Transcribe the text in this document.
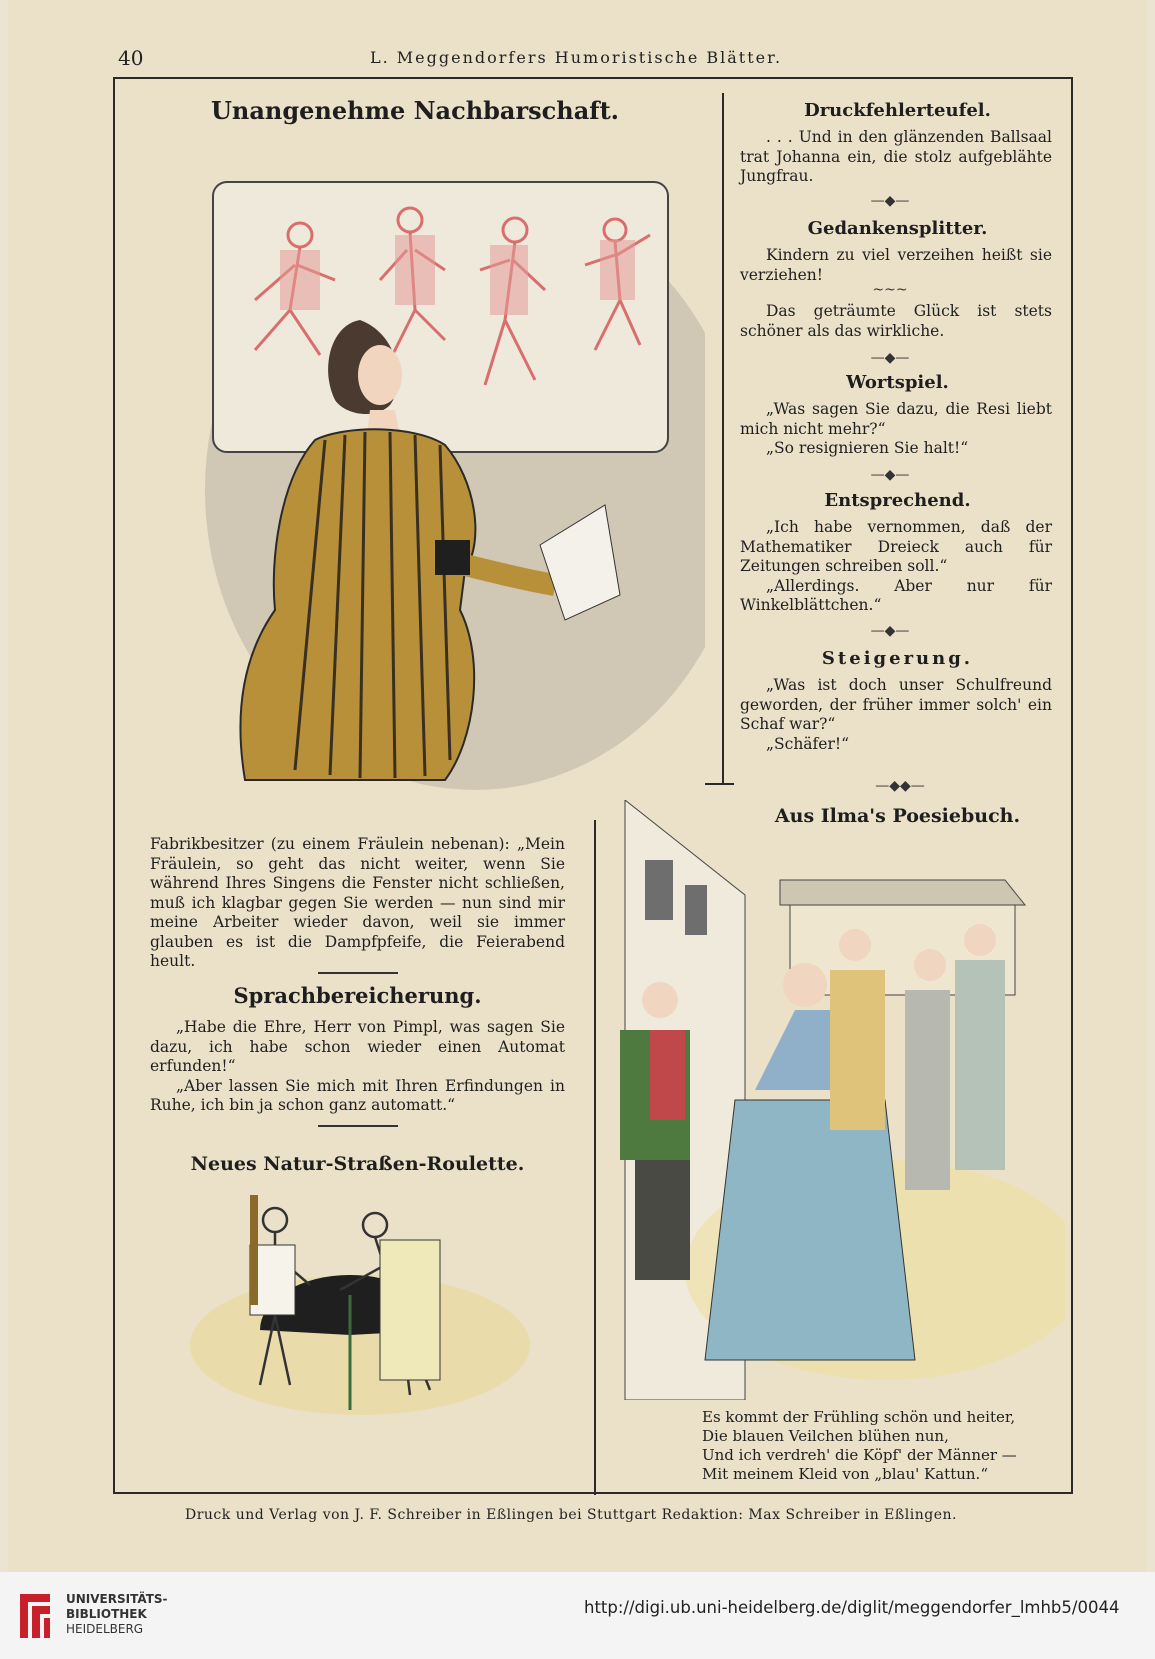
40	L. Meggendorfers Humoristische Blätter.
Unangenehme Nachbarschaft.
Fabrikbesitzer (zu einem Fräulein nebenan): „Mein Fräulein, so geht das nicht weiter, wenn Sie während Ihres Singens die Fenster nicht schließen, muß ich klagbar gegen Sie werden — nun sind mir meine Arbeiter wieder davon, weil sie immer glauben es ist die Dampfpfeife, die Feierabend heult.
Sprachbereicherung.

„Habe die Ehre, Herr von Pimpl, was sagen Sie dazu, ich habe schon wieder einen Automat erfunden!“

„Aber lassen Sie mich mit Ihren Erfindungen in Ruhe, ich bin ja schon ganz automatt.“

Neues Natur-Straßen-Roulette.
Druckfehlerteufel.

. . . Und in den glänzenden Ballsaal trat Johanna ein, die stolz aufgeblähte Jungfrau.

—◆—
Gedankensplitter.

Kindern zu viel verzeihen heißt sie verziehen!

~~~

Das geträumte Glück ist stets schöner als das wirkliche.

—◆—
Wortspiel.

„Was sagen Sie dazu, die Resi liebt mich nicht mehr?“

„So resignieren Sie halt!“

—◆—
Entsprechend.

„Ich habe vernommen, daß der Mathematiker Dreieck auch für Zeitungen schreiben soll.“

„Allerdings. Aber nur für Winkelblättchen.“

—◆—
Steigerung.

„Was ist doch unser Schulfreund geworden, der früher immer solch' ein Schaf war?“

„Schäfer!“

—◆◆—
Aus Ilma's Poesiebuch.
Es kommt der Frühling schön und heiter,
Die blauen Veilchen blühen nun,
Und ich verdreh' die Köpf' der Männer —
Mit meinem Kleid von „blau' Kattun.“
Druck und Verlag von J. F. Schreiber in Eßlingen bei Stuttgart Redaktion: Max Schreiber in Eßlingen.
UNIVERSITÄTS-
BIBLIOTHEK
HEIDELBERG
http://digi.ub.uni-heidelberg.de/diglit/meggendorfer_lmhb5/0044
